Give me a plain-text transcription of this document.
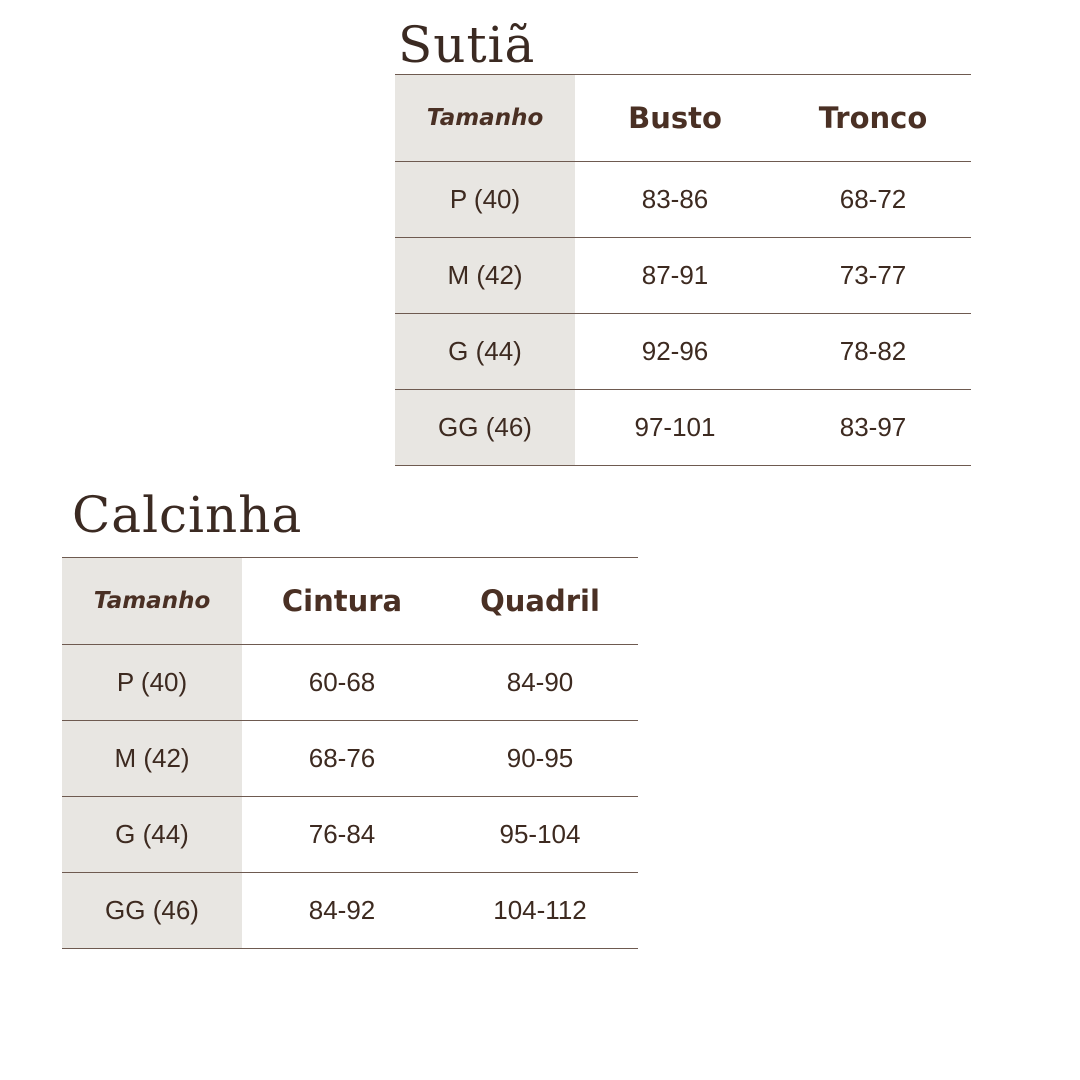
Sutiã
Tamanho	Busto	Tronco
P (40)	83-86	68-72
M (42)	87-91	73-77
G (44)	92-96	78-82
GG (46)	97-101	83-97
Calcinha
Tamanho	Cintura	Quadril
P (40)	60-68	84-90
M (42)	68-76	90-95
G (44)	76-84	95-104
GG (46)	84-92	104-112
